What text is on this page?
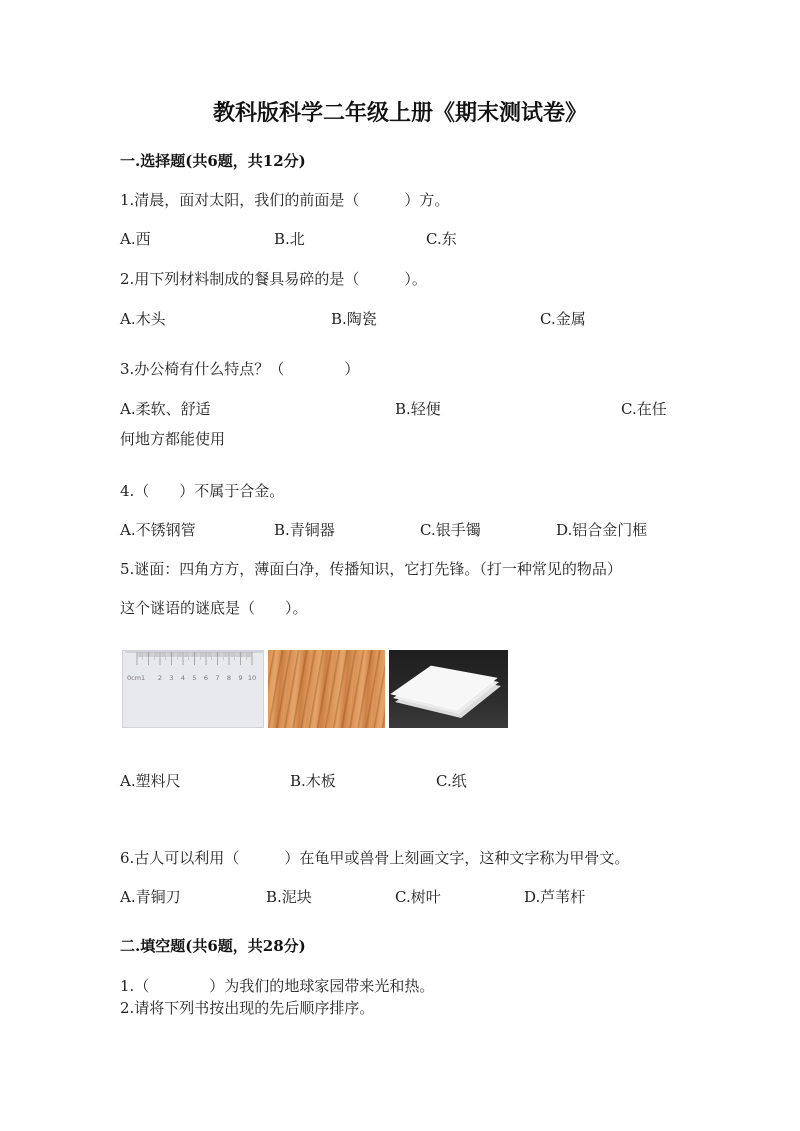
教科版科学二年级上册《期末测试卷》
一.选择题(共6题，共12分)
1.清晨，面对太阳，我们的前面是（　　　）方。
A.西	B.北	C.东
2.用下列材料制成的餐具易碎的是（　　　）。
A.木头	B.陶瓷	C.金属
3.办公椅有什么特点？（　　　　）
A.柔软、舒适	B.轻便	C.在任
何地方都能使用
4.（　　）不属于合金。
A.不锈钢管	B.青铜器	C.银手镯	D.铝合金门框
5.谜面：四角方方，薄面白净，传播知识，它打先锋。（打一种常见的物品）
这个谜语的谜底是（　　）。
0cm1 2 3 4 5 6 7 8 9 10
A.塑料尺	B.木板	C.纸
6.古人可以利用（　　　）在龟甲或兽骨上刻画文字，这种文字称为甲骨文。
A.青铜刀	B.泥块	C.树叶	D.芦苇杆
二.填空题(共6题，共28分)
1.（　　　　）为我们的地球家园带来光和热。
2.请将下列书按出现的先后顺序排序。
